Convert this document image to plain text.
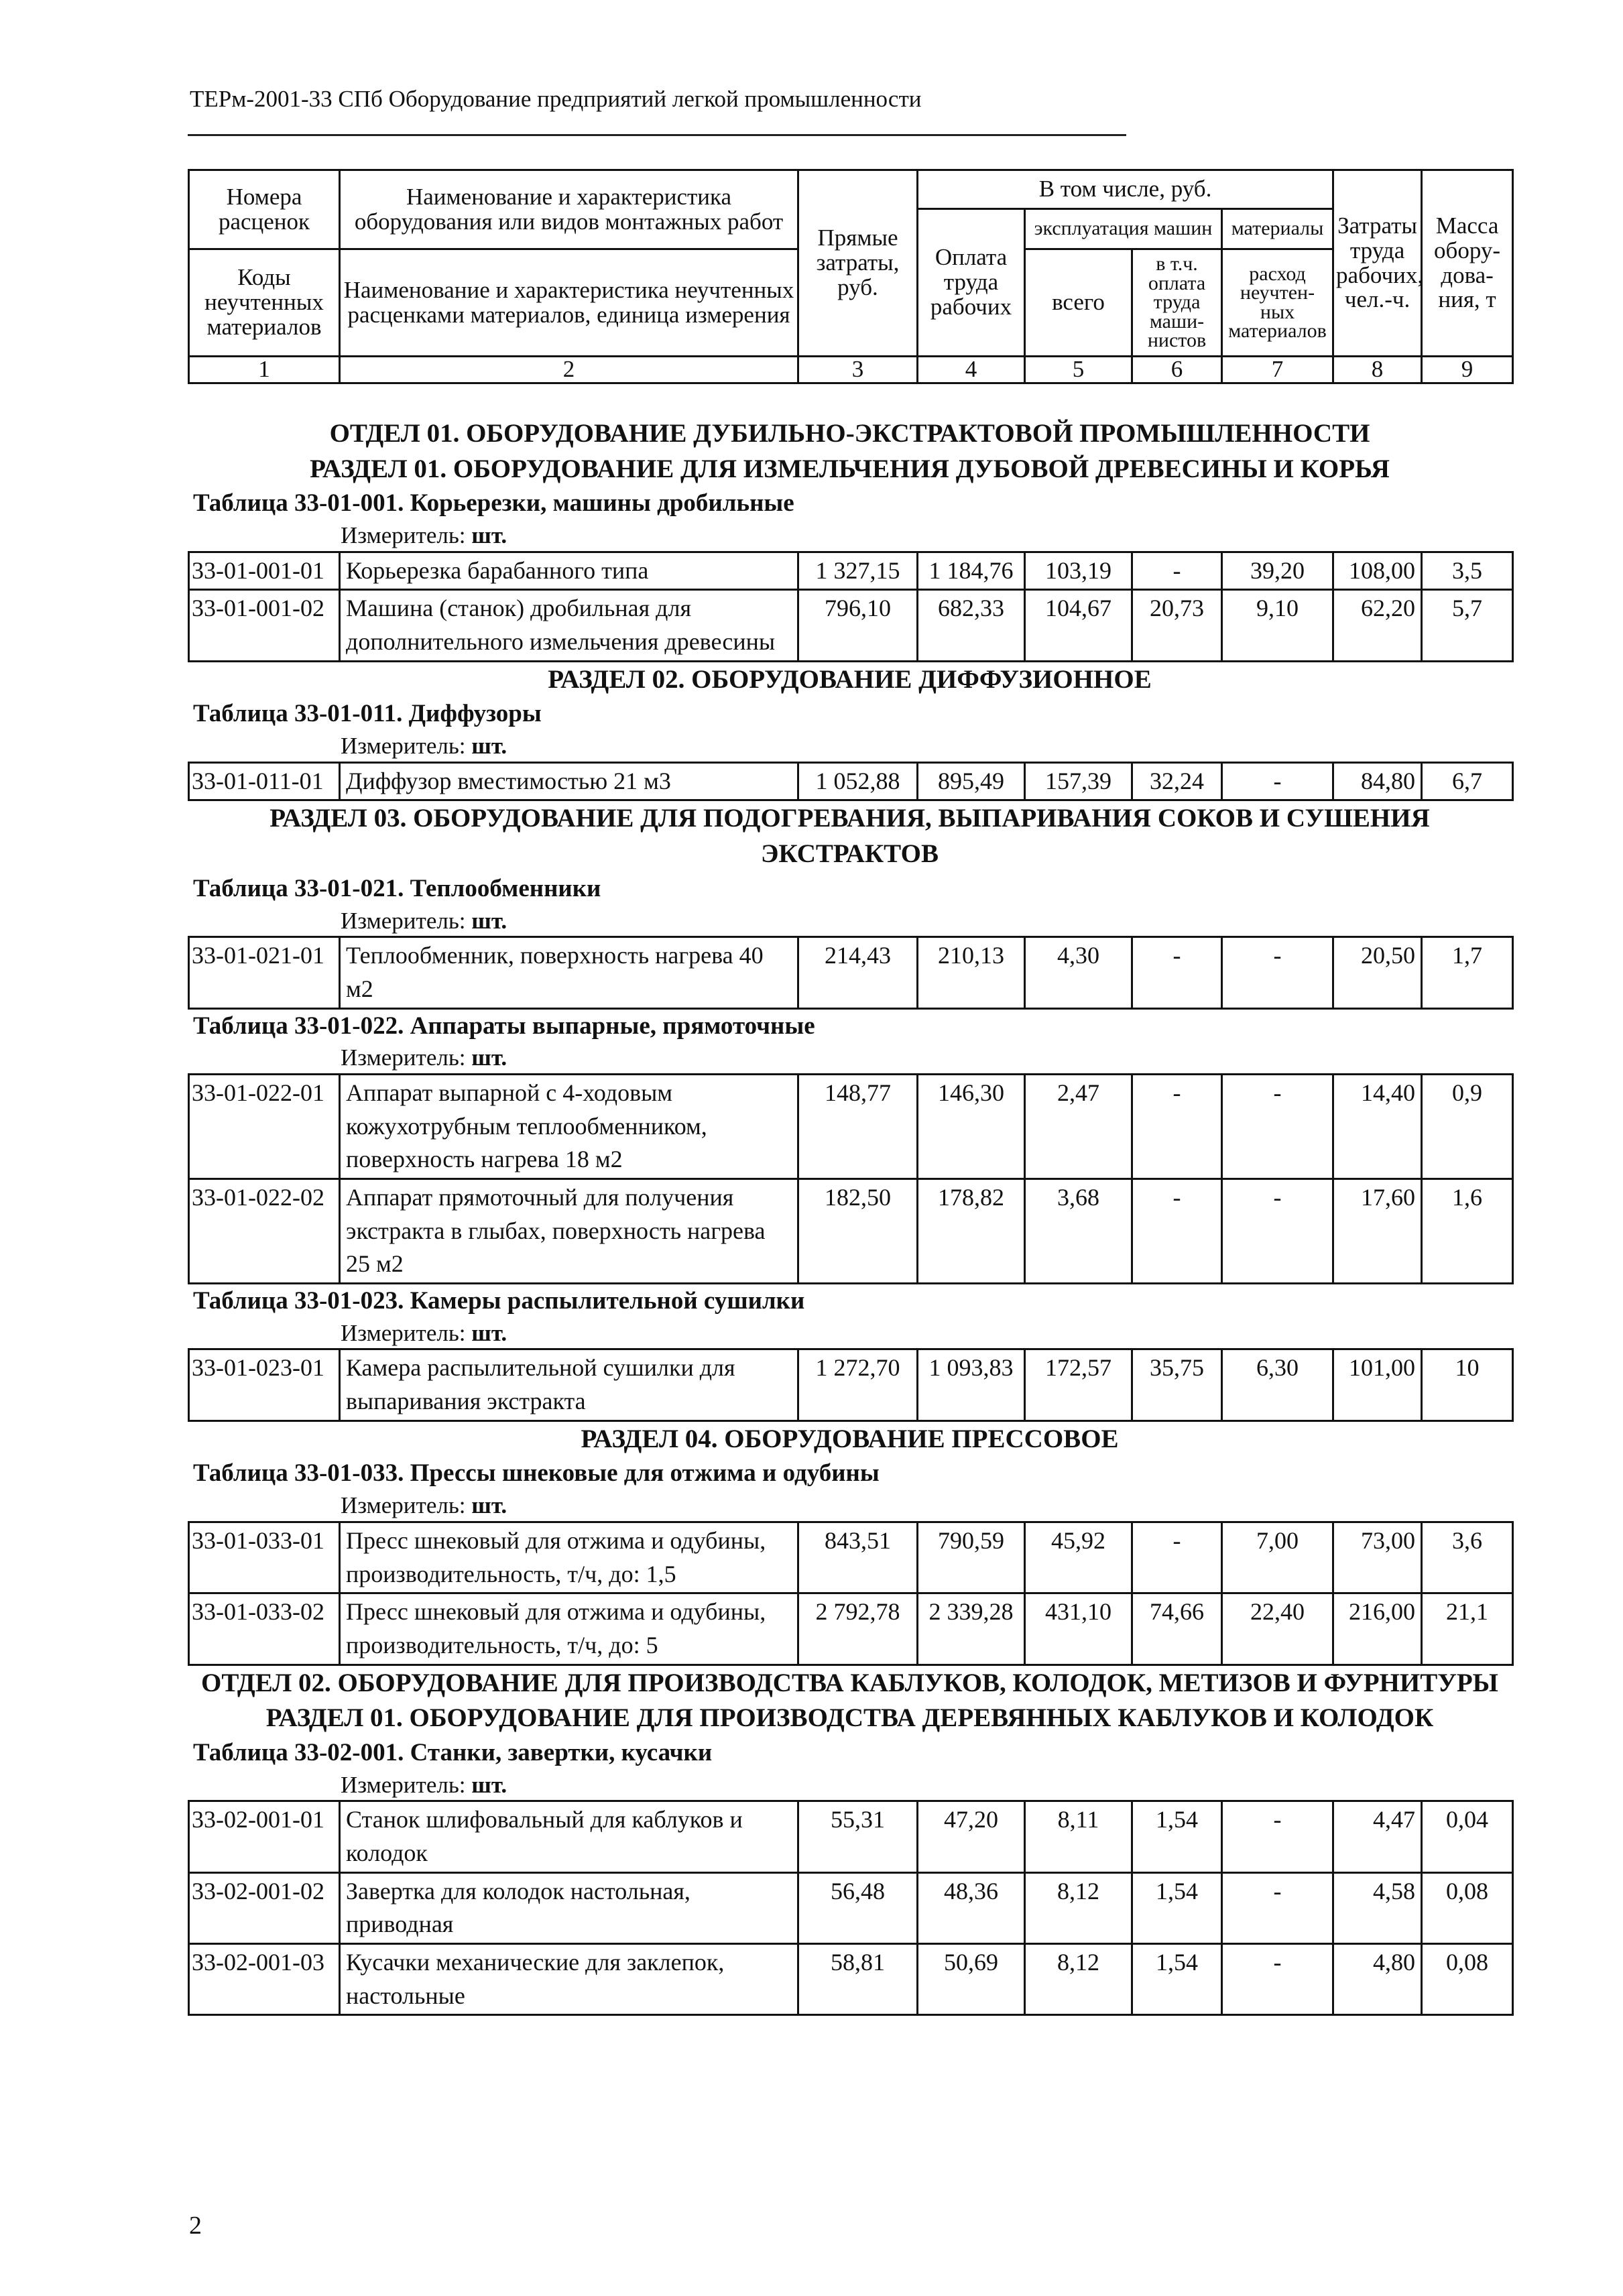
ТЕРм-2001-33 СПб Оборудование предприятий легкой промышленности
Номера расценок	Наименование и характеристика оборудования или видов монтажных работ	Прямые затраты, руб.	В том числе, руб.				Затраты труда рабочих, чел.-ч.	Масса обору-дова-ния, т
			Оплата труда рабочих	эксплуатация машин		материалы		
Коды неучтенных материалов	Наименование и характеристика неучтенных расценками материалов, единица измерения			всего	в т.ч. оплата труда маши-нистов	расход неучтен-ных материалов		

1	2	3	4	5	6	7	8	9
ОТДЕЛ 01. ОБОРУДОВАНИЕ ДУБИЛЬНО-ЭКСТРАКТОВОЙ ПРОМЫШЛЕННОСТИ
РАЗДЕЛ 01. ОБОРУДОВАНИЕ ДЛЯ ИЗМЕЛЬЧЕНИЯ ДУБОВОЙ ДРЕВЕСИНЫ И КОРЬЯ
Таблица 33-01-001. Корьерезки, машины дробильные
Измеритель: шт.
33-01-001-01	Корьерезка барабанного типа	1 327,15	1 184,76	103,19	-	39,20	108,00	3,5
33-01-001-02	Машина (станок) дробильная для дополнительного измельчения древесины	796,10	682,33	104,67	20,73	9,10	62,20	5,7
РАЗДЕЛ 02. ОБОРУДОВАНИЕ ДИФФУЗИОННОЕ
Таблица 33-01-011. Диффузоры
Измеритель: шт.
33-01-011-01	Диффузор вместимостью 21 м3	1 052,88	895,49	157,39	32,24	-	84,80	6,7
РАЗДЕЛ 03. ОБОРУДОВАНИЕ ДЛЯ ПОДОГРЕВАНИЯ, ВЫПАРИВАНИЯ СОКОВ И СУШЕНИЯ ЭКСТРАКТОВ
Таблица 33-01-021. Теплообменники
Измеритель: шт.
33-01-021-01	Теплообменник, поверхность нагрева 40 м2	214,43	210,13	4,30	-	-	20,50	1,7
Таблица 33-01-022. Аппараты выпарные, прямоточные
Измеритель: шт.
33-01-022-01	Аппарат выпарной с 4-ходовым кожухотрубным теплообменником, поверхность нагрева 18 м2	148,77	146,30	2,47	-	-	14,40	0,9
33-01-022-02	Аппарат прямоточный для получения экстракта в глыбах, поверхность нагрева 25 м2	182,50	178,82	3,68	-	-	17,60	1,6
Таблица 33-01-023. Камеры распылительной сушилки
Измеритель: шт.
33-01-023-01	Камера распылительной сушилки для выпаривания экстракта	1 272,70	1 093,83	172,57	35,75	6,30	101,00	10
РАЗДЕЛ 04. ОБОРУДОВАНИЕ ПРЕССОВОЕ
Таблица 33-01-033. Прессы шнековые для отжима и одубины
Измеритель: шт.
33-01-033-01	Пресс шнековый для отжима и одубины, производительность, т/ч, до: 1,5	843,51	790,59	45,92	-	7,00	73,00	3,6
33-01-033-02	Пресс шнековый для отжима и одубины, производительность, т/ч, до: 5	2 792,78	2 339,28	431,10	74,66	22,40	216,00	21,1
ОТДЕЛ 02. ОБОРУДОВАНИЕ ДЛЯ ПРОИЗВОДСТВА КАБЛУКОВ, КОЛОДОК, МЕТИЗОВ И ФУРНИТУРЫ
РАЗДЕЛ 01. ОБОРУДОВАНИЕ ДЛЯ ПРОИЗВОДСТВА ДЕРЕВЯННЫХ КАБЛУКОВ И КОЛОДОК
Таблица 33-02-001. Станки, завертки, кусачки
Измеритель: шт.
33-02-001-01	Станок шлифовальный для каблуков и колодок	55,31	47,20	8,11	1,54	-	4,47	0,04
33-02-001-02	Завертка для колодок настольная, приводная	56,48	48,36	8,12	1,54	-	4,58	0,08
33-02-001-03	Кусачки механические для заклепок, настольные	58,81	50,69	8,12	1,54	-	4,80	0,08
2
